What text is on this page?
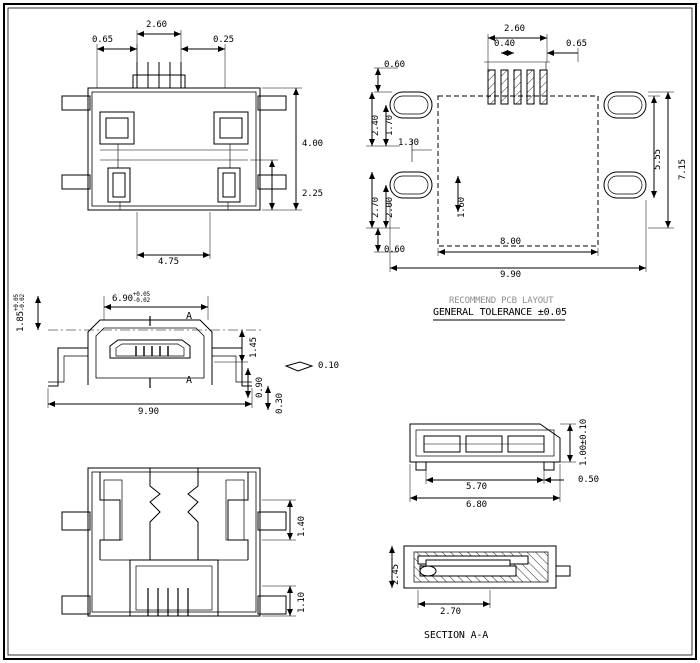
0.65
2.60
0.25
4.00
2.25
4.75
2.60
0.40	0.65
0.60
2.40 1.70
1.30
2.70 2.00	1.60
0.60
8.00
9.90
5.55 7.15
RECOMMEND PCB LAYOUT
GENERAL TOLERANCE ±0.05
6.90+0.05
-0.02
1.85+0.05
-0.02
1.45
0.10
0.90
0.30
9.90
A
A
1.00±0.10
5.70
0.50
6.80
1.40
1.10
2.45
2.70
SECTION A-A
